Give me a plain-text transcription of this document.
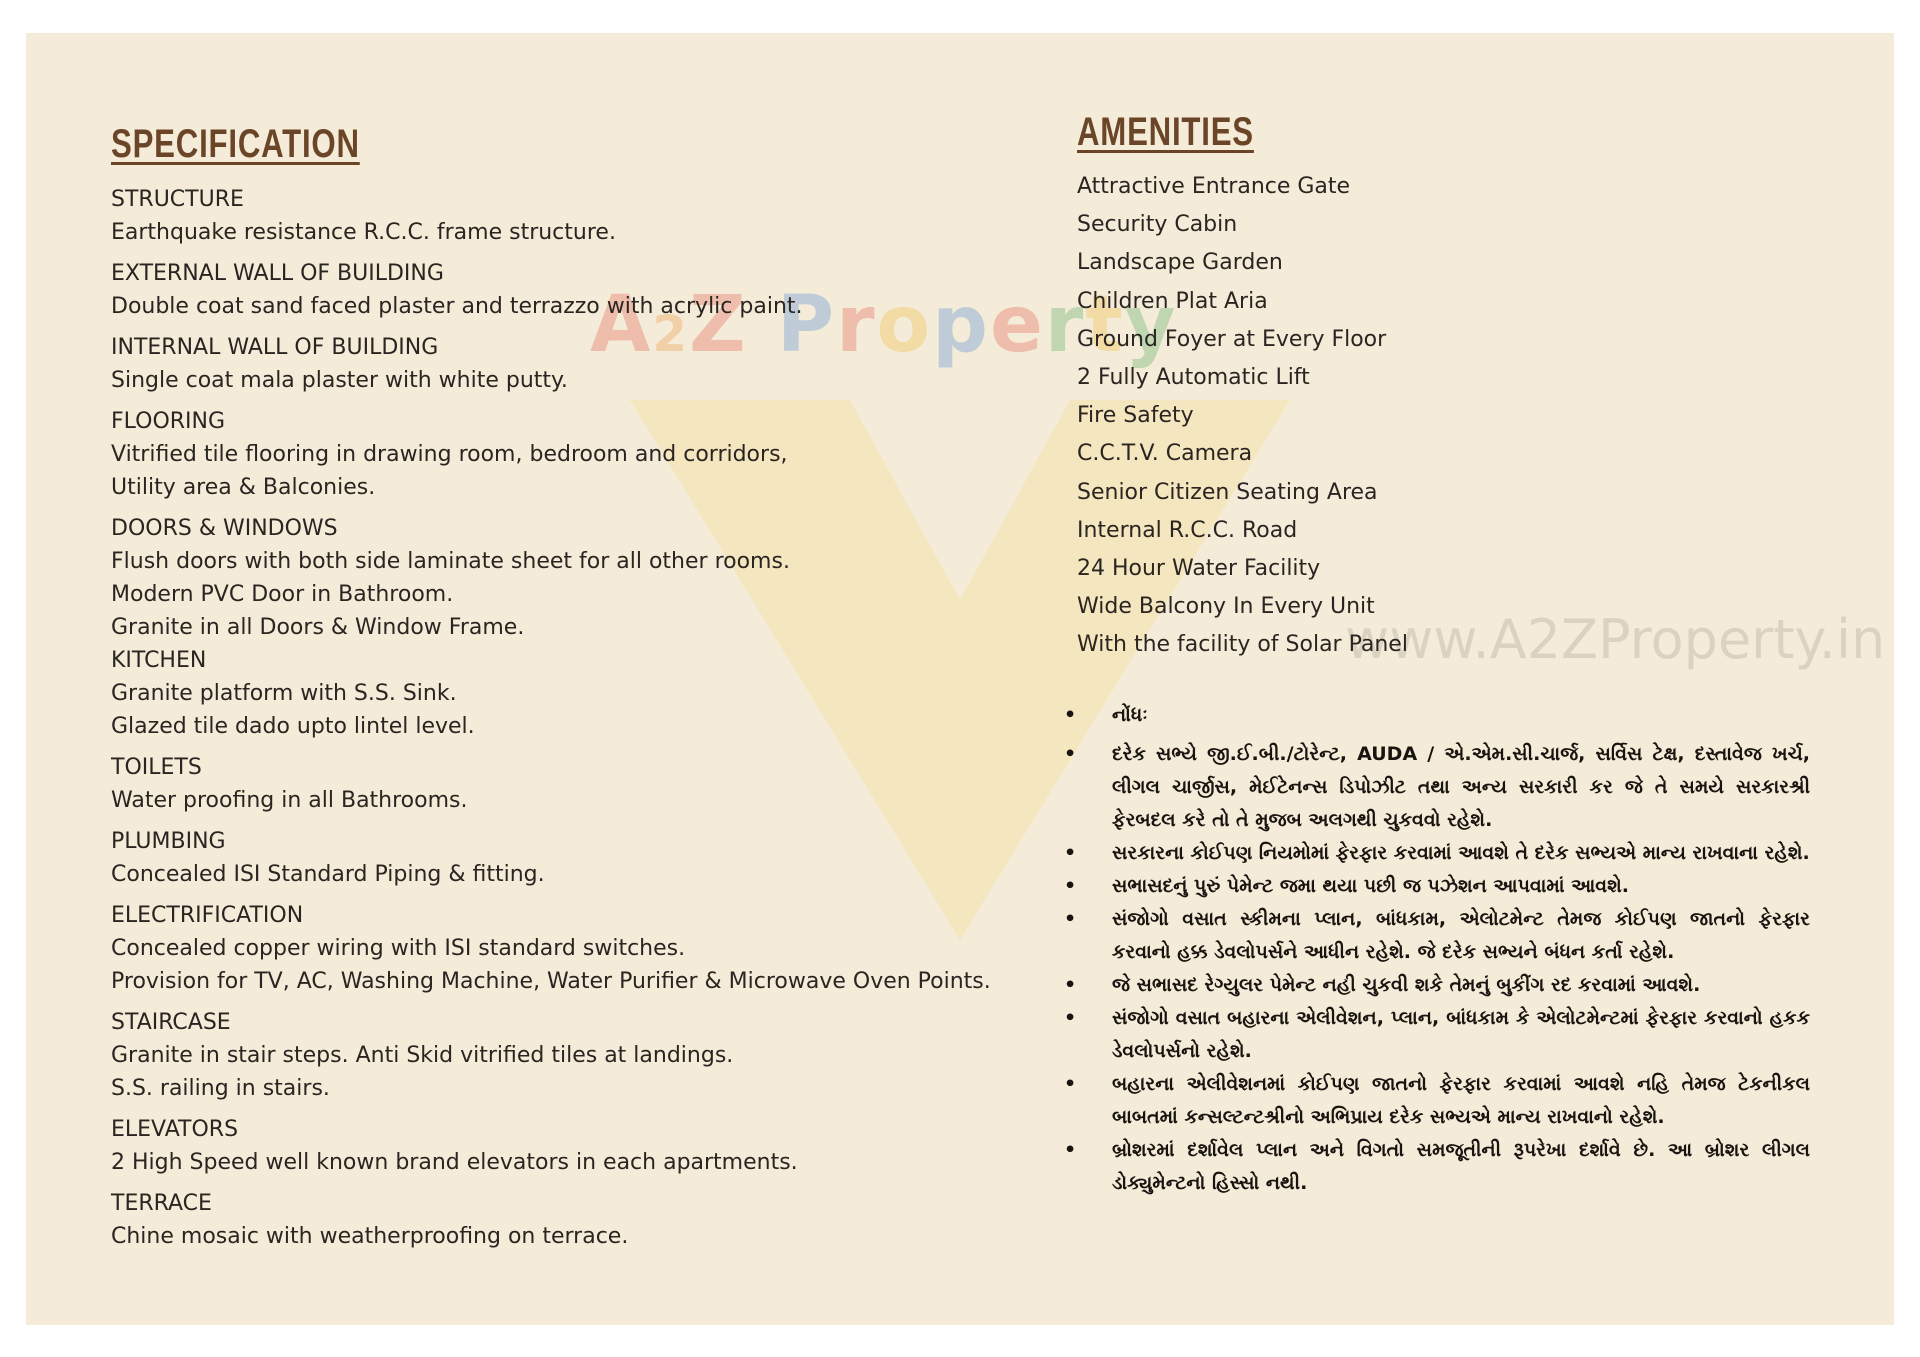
A2Z Property
www.A2ZProperty.in
SPECIFICATION
STRUCTURE
Earthquake resistance R.C.C. frame structure.
EXTERNAL WALL OF BUILDING
Double coat sand faced plaster and terrazzo with acrylic paint.
INTERNAL WALL OF BUILDING
Single coat mala plaster with white putty.
FLOORING
Vitrified tile flooring in drawing room, bedroom and corridors,
Utility area & Balconies.
DOORS & WINDOWS
Flush doors with both side laminate sheet for all other rooms.
Modern PVC Door in Bathroom.
Granite in all Doors & Window Frame.
KITCHEN
Granite platform with S.S. Sink.
Glazed tile dado upto lintel level.
TOILETS
Water proofing in all Bathrooms.
PLUMBING
Concealed ISI Standard Piping & fitting.
ELECTRIFICATION
Concealed copper wiring with ISI standard switches.
Provision for TV, AC, Washing Machine, Water Purifier & Microwave Oven Points.
STAIRCASE
Granite in stair steps. Anti Skid vitrified tiles at landings.
S.S. railing in stairs.
ELEVATORS
2 High Speed well known brand elevators in each apartments.
TERRACE
Chine mosaic with weatherproofing on terrace.
AMENITIES
Attractive Entrance Gate
Security Cabin
Landscape Garden
Children Plat Aria
Ground Foyer at Every Floor
2 Fully Automatic Lift
Fire Safety
C.C.T.V. Camera
Senior Citizen Seating Area
Internal R.C.C. Road
24 Hour Water Facility
Wide Balcony In Every Unit
With the facility of Solar Panel
• નોંધઃ
• દરેક સભ્યે જી.ઈ.બી./ટોરેન્ટ, AUDA / એ.એમ.સી.ચાર્જ, સર્વિસ ટેક્ષ, દસ્તાવેજ ખર્ચ, લીગલ ચાર્જીસ, મેઈટેનન્સ ડિપોઝીટ તથા અન્ય સરકારી કર જે તે સમયે સરકારશ્રી ફેરબદલ કરે તો તે મુજબ અલગથી ચુકવવો રહેશે.
• સરકારના કોઈપણ નિયમોમાં ફેરફાર કરવામાં આવશે તે દરેક સભ્યએ માન્ય રાખવાના રહેશે.
• સભાસદનું પુરું પેમેન્ટ જમા થયા પછી જ પઝેશન આપવામાં આવશે.
• સંજોગો વસાત સ્કીમના પ્લાન, બાંધકામ, એલોટમેન્ટ તેમજ કોઈપણ જાતનો ફેરફાર કરવાનો હક્ક ડેવલોપર્સને આધીન રહેશે. જે દરેક સભ્યને બંધન કર્તા રહેશે.
• જે સભાસદ રેગ્યુલર પેમેન્ટ નહી ચુકવી શકે તેમનું બુકીંગ રદ કરવામાં આવશે.
• સંજોગો વસાત બહારના એલીવેશન, પ્લાન, બાંધકામ કે એલોટમેન્ટમાં ફેરફાર કરવાનો હકક ડેવલોપર્સનો રહેશે.
• બહારના એલીવેશનમાં કોઈપણ જાતનો ફેરફાર કરવામાં આવશે નહિ તેમજ ટેકનીકલ બાબતમાં કન્સલ્ટન્ટશ્રીનો અભિપ્રાય દરેક સભ્યએ માન્ય રાખવાનો રહેશે.
• બ્રોશરમાં દર્શાવેલ પ્લાન અને વિગતો સમજૂતીની રૂપરેખા દર્શાવે છે. આ બ્રોશર લીગલ ડોક્યુમેન્ટનો હિસ્સો નથી.
